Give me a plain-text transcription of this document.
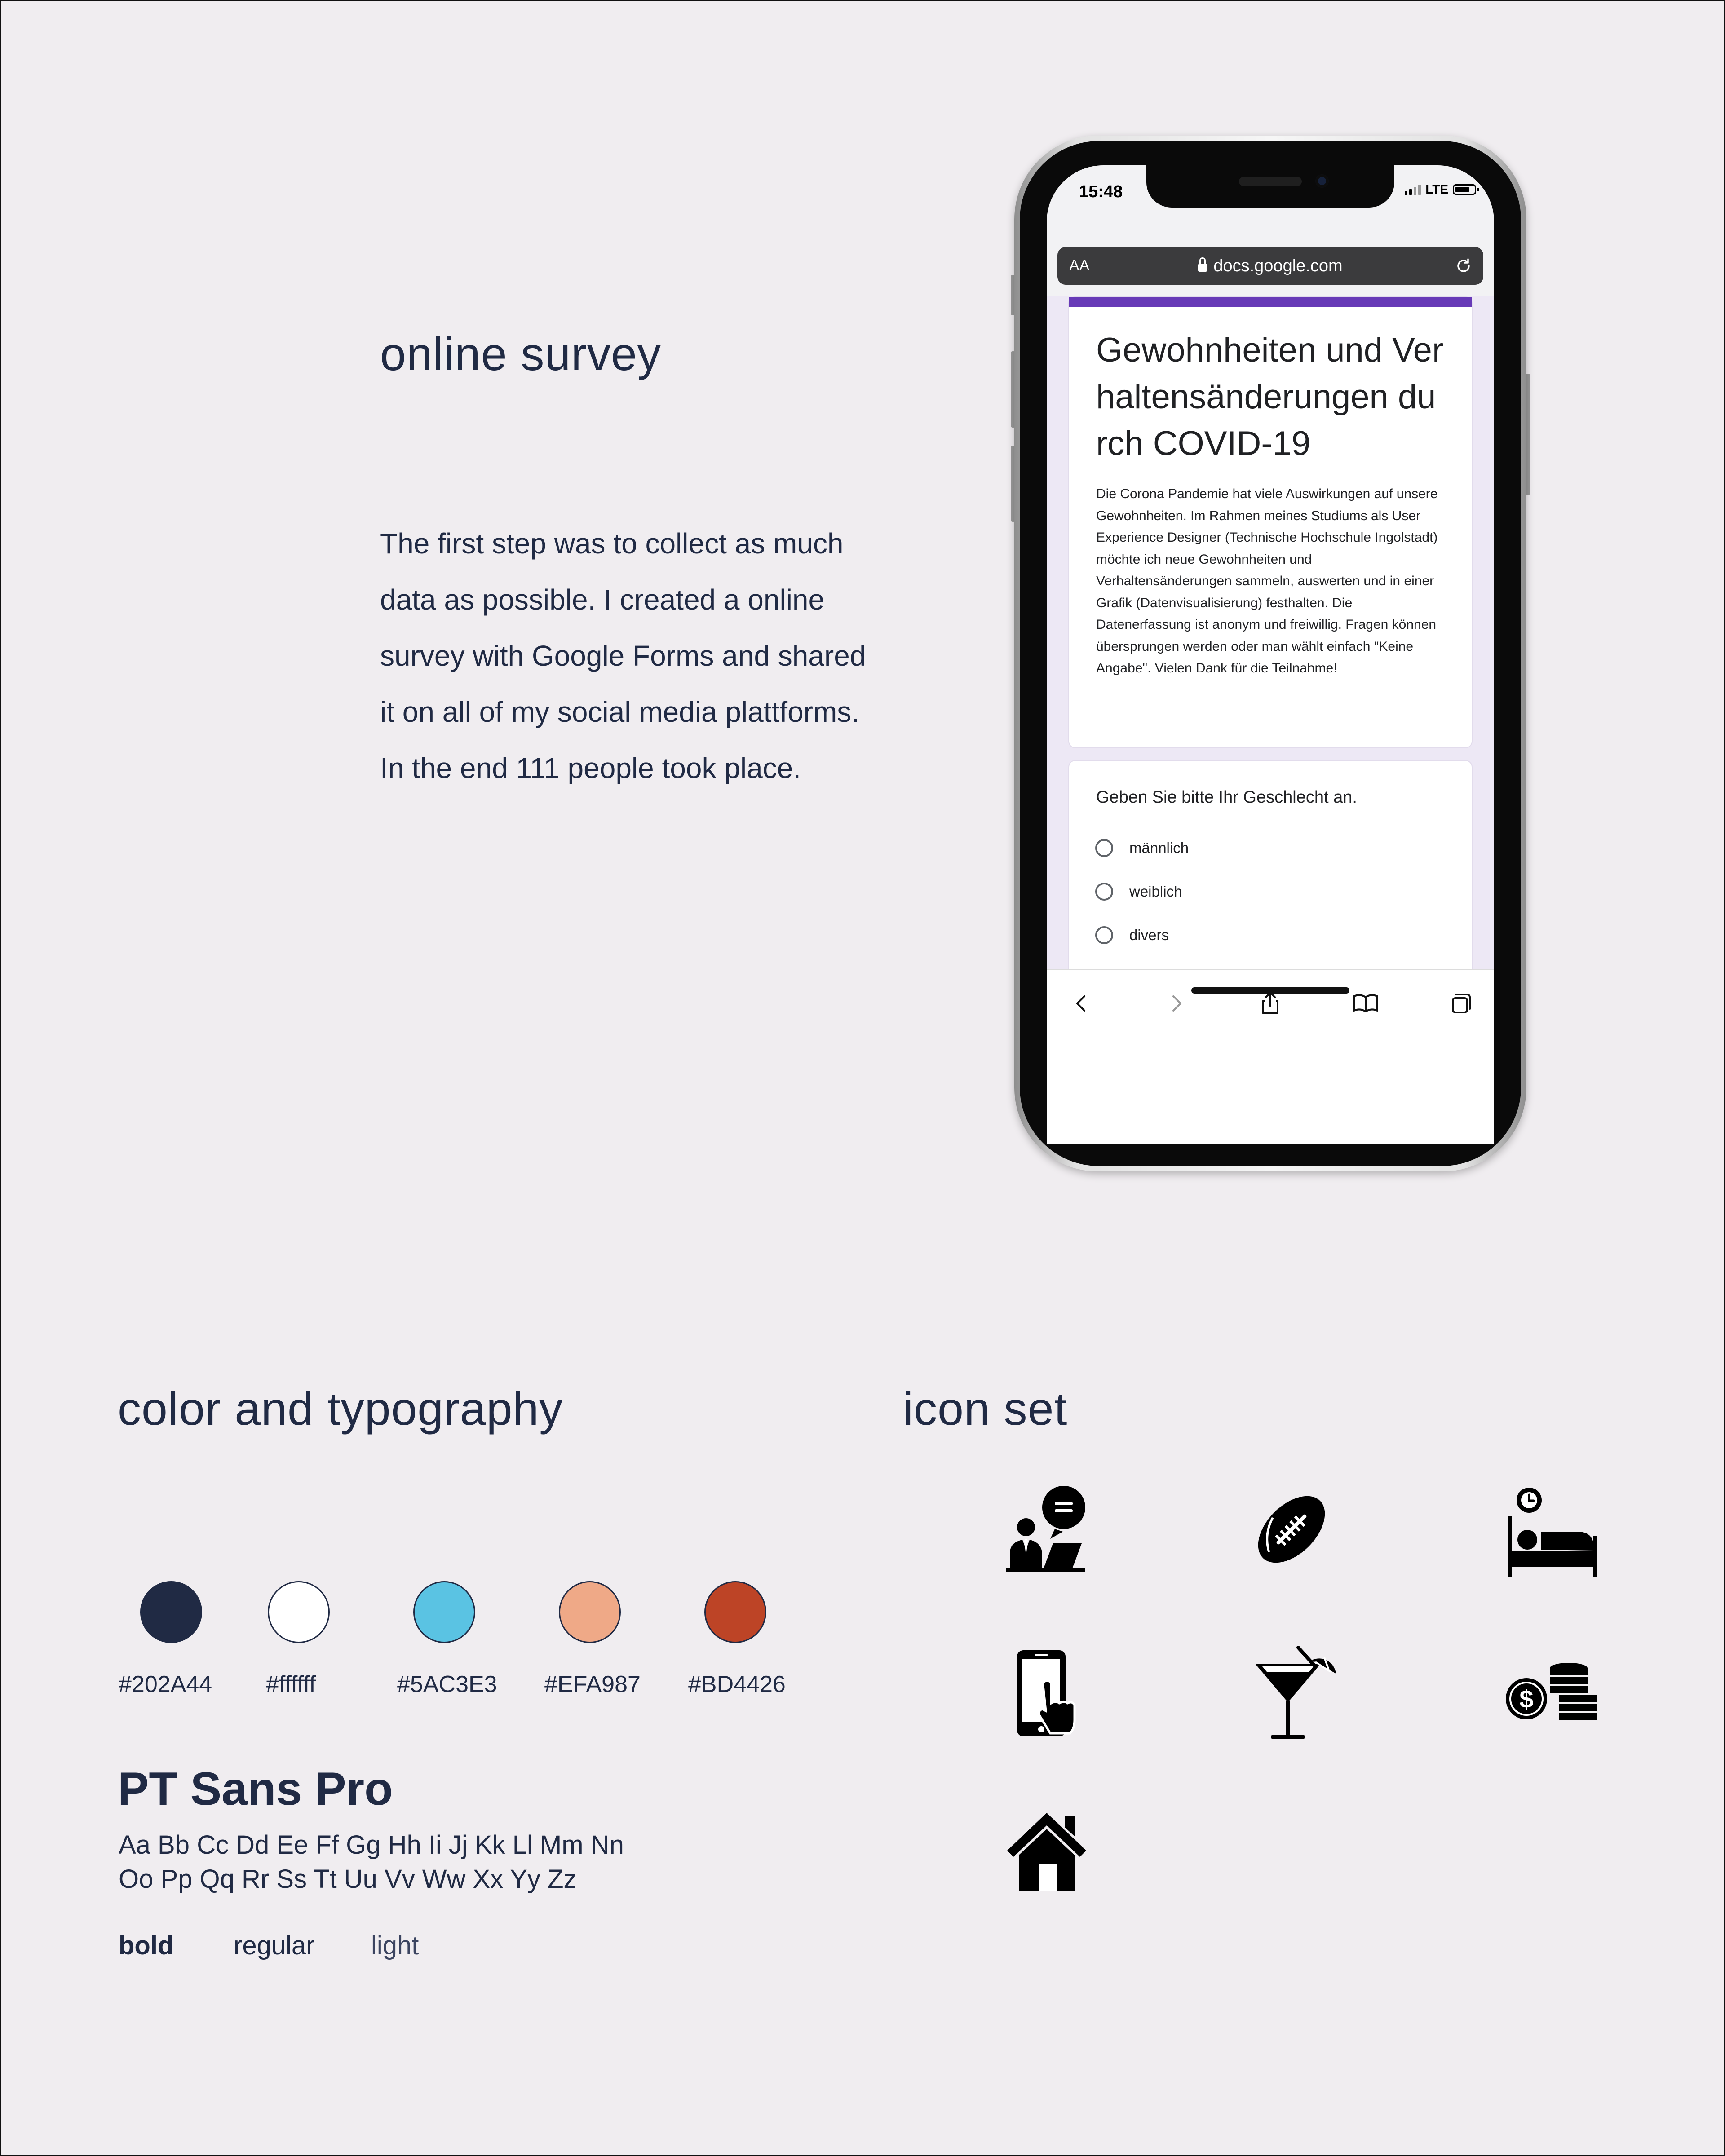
online survey

The first step was to collect as much
data as possible. I created a online
survey with Google Forms and shared
it on all of my social media plattforms.
In the end 111 people took place.

15:48	LTE
AA	docs.google.com
Gewohnheiten und Verhaltensänderungen durch COVID-19
Die Corona Pandemie hat viele Auswirkungen auf unsere Gewohnheiten. Im Rahmen meines Studiums als User Experience Designer (Technische Hochschule Ingolstadt) möchte ich neue Gewohnheiten und Verhaltensänderungen sammeln, auswerten und in einer Grafik (Datenvisualisierung) festhalten. Die Datenerfassung ist anonym und freiwillig. Fragen können übersprungen werden oder man wählt einfach "Keine Angabe". Vielen Dank für die Teilnahme!
Geben Sie bitte Ihr Geschlecht an.
männlich
weiblich
divers
!
color and typography
#202A44 #ffffff	#5AC3E3 #EFA987 #BD4426
PT Sans Pro
Aa Bb Cc Dd Ee Ff Gg Hh Ii Jj Kk Ll Mm Nn
Oo Pp Qq Rr Ss Tt Uu Vv Ww Xx Yy Zz
bold regular light
icon set
$
